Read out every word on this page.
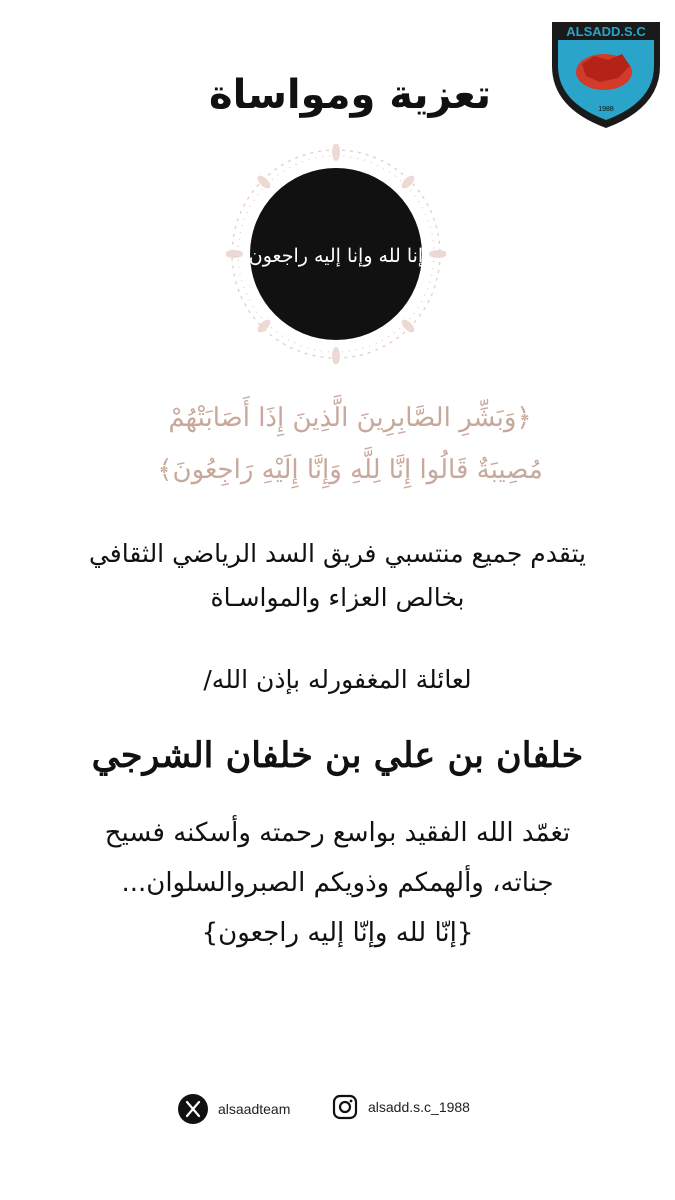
ALSADD.S.C
1988
تعزية ومواساة
إنا لله وإنا إليه راجعون
﴿وَبَشِّرِ الصَّابِرِينَ الَّذِينَ إِذَا أَصَابَتْهُمْ
مُصِيبَةٌ قَالُوا إِنَّا لِلَّهِ وَإِنَّا إِلَيْهِ رَاجِعُونَ﴾
يتقدم جميع منتسبي فريق السد الرياضي الثقافي
بخالص العزاء والمواسـاة
لعائلة المغفورله بإذن الله/
خلفان بن علي بن خلفان الشرجي
تغمّد الله الفقيد بواسع رحمته وأسكنه فسيح
جناته، وألهمكم وذويكم الصبروالسلوان...
{إنّا لله وإنّا إليه راجعون}
alsaadteam	alsadd.s.c_1988
